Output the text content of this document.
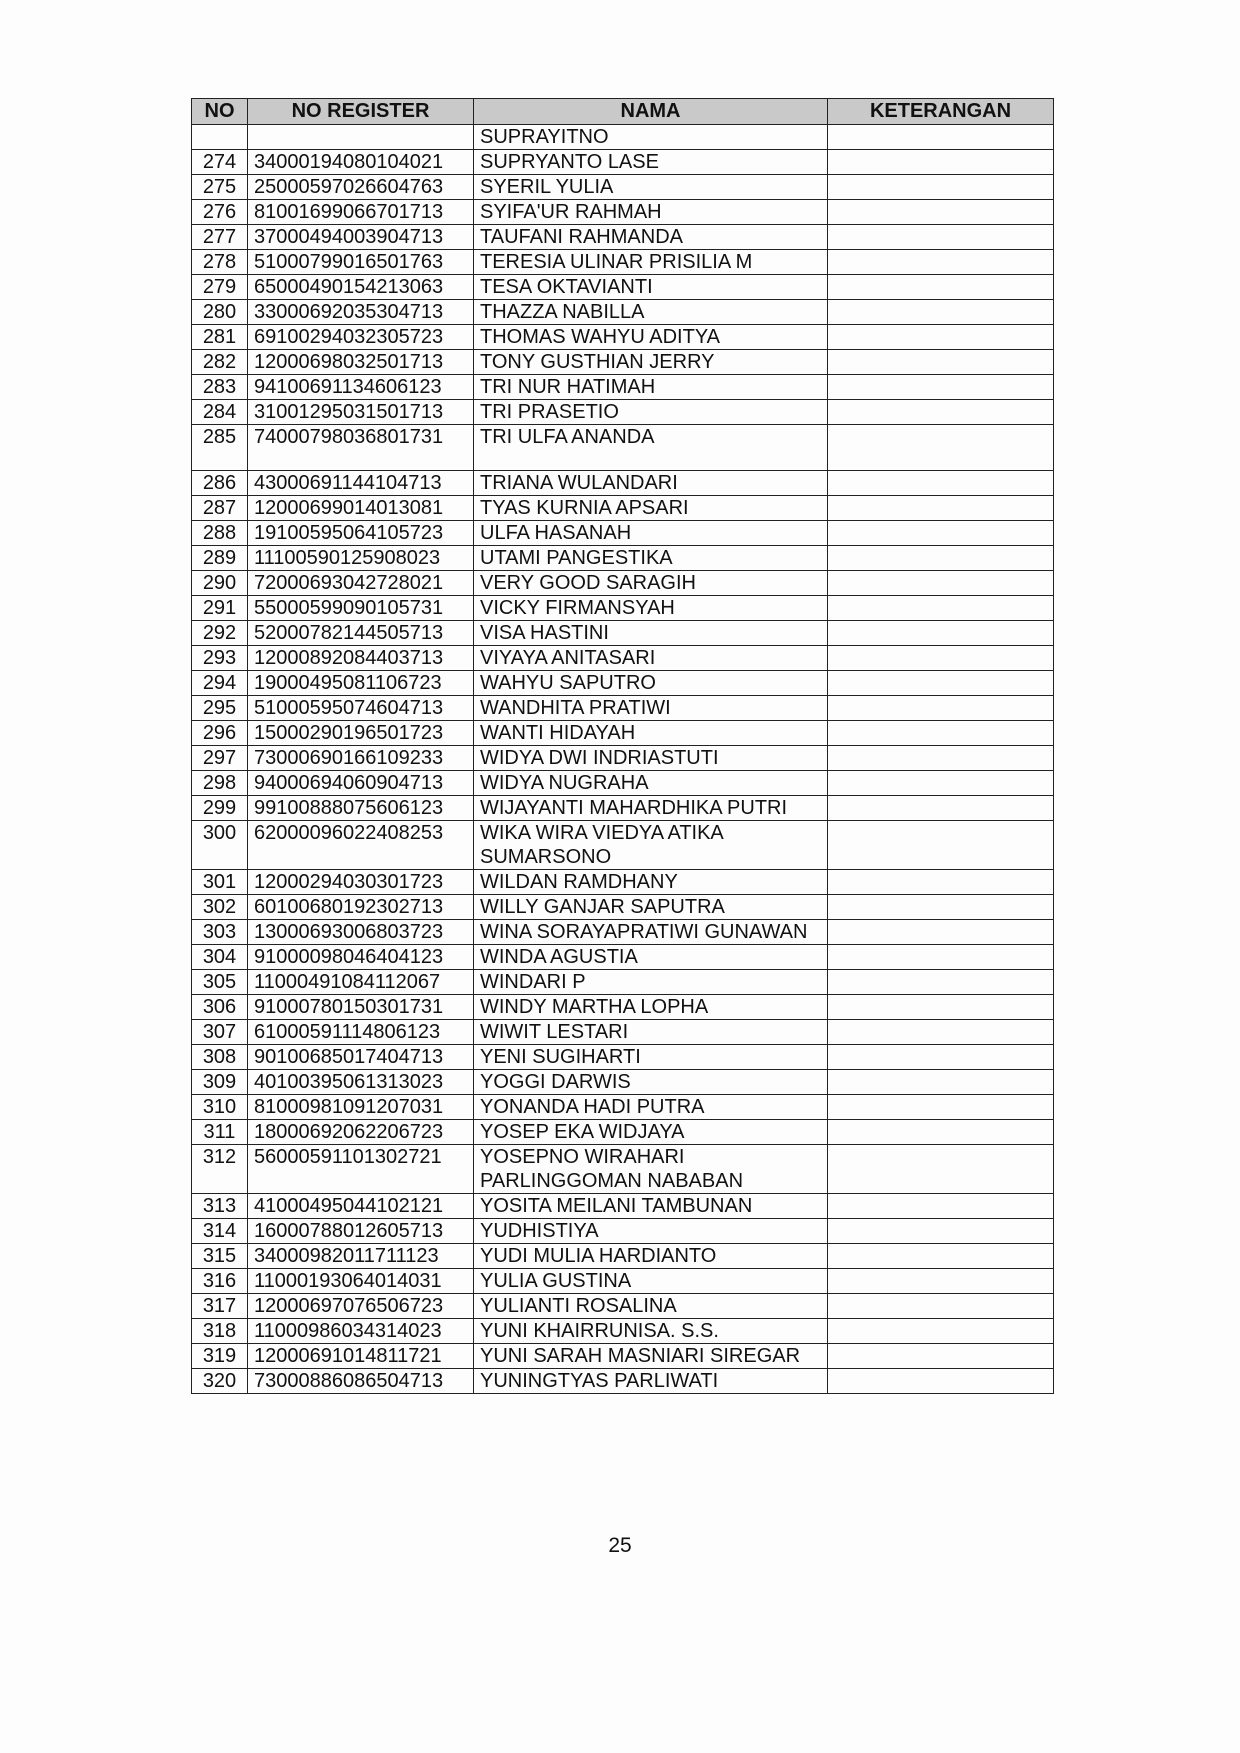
NO	NO REGISTER	NAMA	KETERANGAN
		SUPRAYITNO	
274	34000194080104021	SUPRYANTO LASE	
275	25000597026604763	SYERIL YULIA	
276	81001699066701713	SYIFA'UR RAHMAH	
277	37000494003904713	TAUFANI RAHMANDA	
278	51000799016501763	TERESIA ULINAR PRISILIA M	
279	65000490154213063	TESA OKTAVIANTI	
280	33000692035304713	THAZZA NABILLA	
281	69100294032305723	THOMAS WAHYU ADITYA	
282	12000698032501713	TONY GUSTHIAN JERRY	
283	94100691134606123	TRI NUR HATIMAH	
284	31001295031501713	TRI PRASETIO	
285	74000798036801731	TRI ULFA ANANDA	
286	43000691144104713	TRIANA WULANDARI	
287	12000699014013081	TYAS KURNIA APSARI	
288	19100595064105723	ULFA HASANAH	
289	11100590125908023	UTAMI PANGESTIKA	
290	72000693042728021	VERY GOOD SARAGIH	
291	55000599090105731	VICKY FIRMANSYAH	
292	52000782144505713	VISA HASTINI	
293	12000892084403713	VIYAYA ANITASARI	
294	19000495081106723	WAHYU SAPUTRO	
295	51000595074604713	WANDHITA PRATIWI	
296	15000290196501723	WANTI HIDAYAH	
297	73000690166109233	WIDYA DWI INDRIASTUTI	
298	94000694060904713	WIDYA NUGRAHA	
299	99100888075606123	WIJAYANTI MAHARDHIKA PUTRI	
300	62000096022408253	WIKA WIRA VIEDYA ATIKA SUMARSONO	
301	12000294030301723	WILDAN RAMDHANY	
302	60100680192302713	WILLY GANJAR SAPUTRA	
303	13000693006803723	WINA SORAYAPRATIWI GUNAWAN	
304	91000098046404123	WINDA AGUSTIA	
305	11000491084112067	WINDARI P	
306	91000780150301731	WINDY MARTHA LOPHA	
307	61000591114806123	WIWIT LESTARI	
308	90100685017404713	YENI SUGIHARTI	
309	40100395061313023	YOGGI DARWIS	
310	81000981091207031	YONANDA HADI PUTRA	
311	18000692062206723	YOSEP EKA WIDJAYA	
312	56000591101302721	YOSEPNO WIRAHARI PARLINGGOMAN NABABAN	
313	41000495044102121	YOSITA MEILANI TAMBUNAN	
314	16000788012605713	YUDHISTIYA	
315	34000982011711123	YUDI MULIA HARDIANTO	
316	11000193064014031	YULIA GUSTINA	
317	12000697076506723	YULIANTI ROSALINA	
318	11000986034314023	YUNI KHAIRRUNISA. S.S.	
319	12000691014811721	YUNI SARAH MASNIARI SIREGAR	
320	73000886086504713	YUNINGTYAS PARLIWATI	
25
